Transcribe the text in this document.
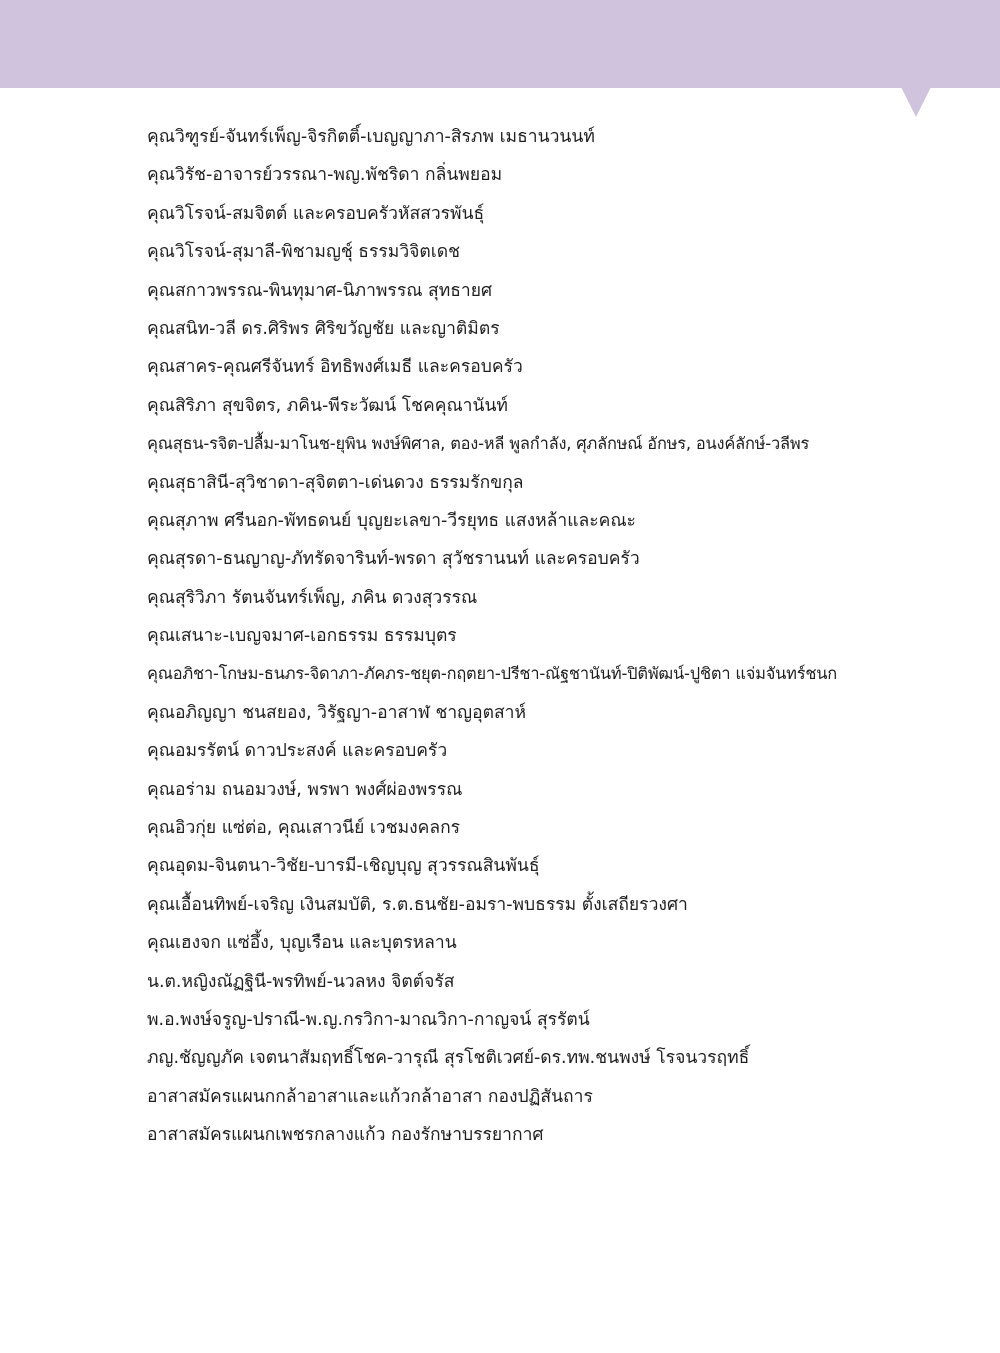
คุณวิฑูรย์-จันทร์เพ็ญ-จิรกิตติ์-เบญญาภา-สิรภพ เมธานวนนท์
คุณวิรัช-อาจารย์วรรณา-พญ.พัชริดา กลิ่นพยอม
คุณวิโรจน์-สมจิตต์ และครอบครัวหัสสวรพันธุ์
คุณวิโรจน์-สุมาลี-พิชามญชุ์ ธรรมวิจิตเดช
คุณสกาวพรรณ-พินทุมาศ-นิภาพรรณ สุทธายศ
คุณสนิท-วลี ดร.ศิริพร ศิริขวัญชัย และญาติมิตร
คุณสาคร-คุณศรีจันทร์ อิทธิพงศ์เมธี และครอบครัว
คุณสิริภา สุขจิตร, ภคิน-พีระวัฒน์ โชคคุณานันท์
คุณสุธน-รจิต-ปลื้ม-มาโนช-ยุพิน พงษ์พิศาล, ตอง-หลี พูลกำลัง, ศุภลักษณ์ อักษร, อนงค์ลักษ์-วลีพร
คุณสุธาสินี-สุวิชาดา-สุจิตตา-เด่นดวง ธรรมรักขกุล
คุณสุภาพ ศรีนอก-พัทธดนย์ บุญยะเลขา-วีรยุทธ แสงหล้าและคณะ
คุณสุรดา-ธนญาญ-ภัทรัดจารินท์-พรดา สุวัชรานนท์ และครอบครัว
คุณสุริวิภา รัตนจันทร์เพ็ญ, ภคิน ดวงสุวรรณ
คุณเสนาะ-เบญจมาศ-เอกธรรม ธรรมบุตร
คุณอภิชา-โกษม-ธนภร-จิดาภา-ภัคภร-ชยุต-กฤตยา-ปรีชา-ณัฐชานันท์-ปิติพัฒน์-ปูชิตา แจ่มจันทร์ชนก
คุณอภิญญา ชนสยอง, วิรัฐญา-อาสาฬ ชาญอุตสาห์
คุณอมรรัตน์ ดาวประสงค์ และครอบครัว
คุณอร่าม ถนอมวงษ์, พรพา พงศ์ผ่องพรรณ
คุณอิวกุ่ย แซ่ต่อ, คุณเสาวนีย์ เวชมงคลกร
คุณอุดม-จินตนา-วิชัย-บารมี-เชิญบุญ สุวรรณสินพันธุ์
คุณเอื้อนทิพย์-เจริญ เงินสมบัติ, ร.ต.ธนชัย-อมรา-พบธรรม ตั้งเสถียรวงศา
คุณเฮงจก แซ่อึ้ง, บุญเรือน และบุตรหลาน
น.ต.หญิงณัฏฐินี-พรทิพย์-นวลหง จิตต์จรัส
พ.อ.พงษ์จรูญ-ปราณี-พ.ญ.กรวิกา-มาณวิกา-กาญจน์ สุรรัตน์
ภญ.ชัญญภัค เจตนาสัมฤทธิ์โชค-วารุณี สุรโชติเวศย์-ดร.ทพ.ชนพงษ์ โรจนวรฤทธิ์
อาสาสมัครแผนกกล้าอาสาและแก้วกล้าอาสา กองปฏิสันถาร
อาสาสมัครแผนกเพชรกลางแก้ว กองรักษาบรรยากาศ
